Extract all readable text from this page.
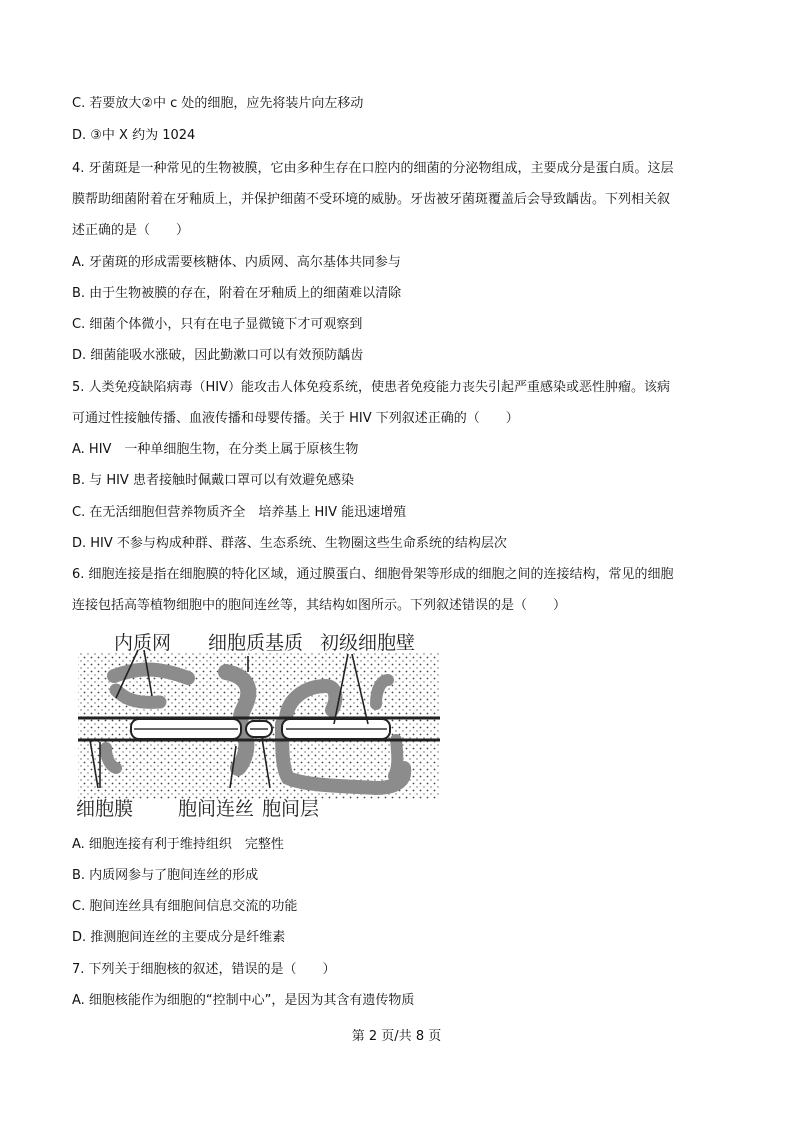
C. 若要放大②中 c 处的细胞，应先将装片向左移动
D. ③中 X 约为 1024
4. 牙菌斑是一种常见的生物被膜，它由多种生存在口腔内的细菌的分泌物组成，主要成分是蛋白质。这层
膜帮助细菌附着在牙釉质上，并保护细菌不受环境的威胁。牙齿被牙菌斑覆盖后会导致龋齿。下列相关叙
述正确的是（　　）
A. 牙菌斑的形成需要核糖体、内质网、高尔基体共同参与
B. 由于生物被膜的存在，附着在牙釉质上的细菌难以清除
C. 细菌个体微小，只有在电子显微镜下才可观察到
D. 细菌能吸水涨破，因此勤漱口可以有效预防龋齿
5. 人类免疫缺陷病毒（HIV）能攻击人体免疫系统，使患者免疫能力丧失引起严重感染或恶性肿瘤。该病
可通过性接触传播、血液传播和母婴传播。关于 HIV 下列叙述正确的（　　）
A. HIV　一种单细胞生物，在分类上属于原核生物
B. 与 HIV 患者接触时佩戴口罩可以有效避免感染
C. 在无活细胞但营养物质齐全　培养基上 HIV 能迅速增殖
D. HIV 不参与构成种群、群落、生态系统、生物圈这些生命系统的结构层次
6. 细胞连接是指在细胞膜的特化区域，通过膜蛋白、细胞骨架等形成的细胞之间的连接结构，常见的细胞
连接包括高等植物细胞中的胞间连丝等，其结构如图所示。下列叙述错误的是（　　）
内质网 细胞质基质 初级细胞壁
细胞膜 胞间连丝 胞间层
A. 细胞连接有利于维持组织　完整性
B. 内质网参与了胞间连丝的形成
C. 胞间连丝具有细胞间信息交流的功能
D. 推测胞间连丝的主要成分是纤维素
7. 下列关于细胞核的叙述，错误的是（　　）
A. 细胞核能作为细胞的“控制中心”，是因为其含有遗传物质
第 2 页/共 8 页
